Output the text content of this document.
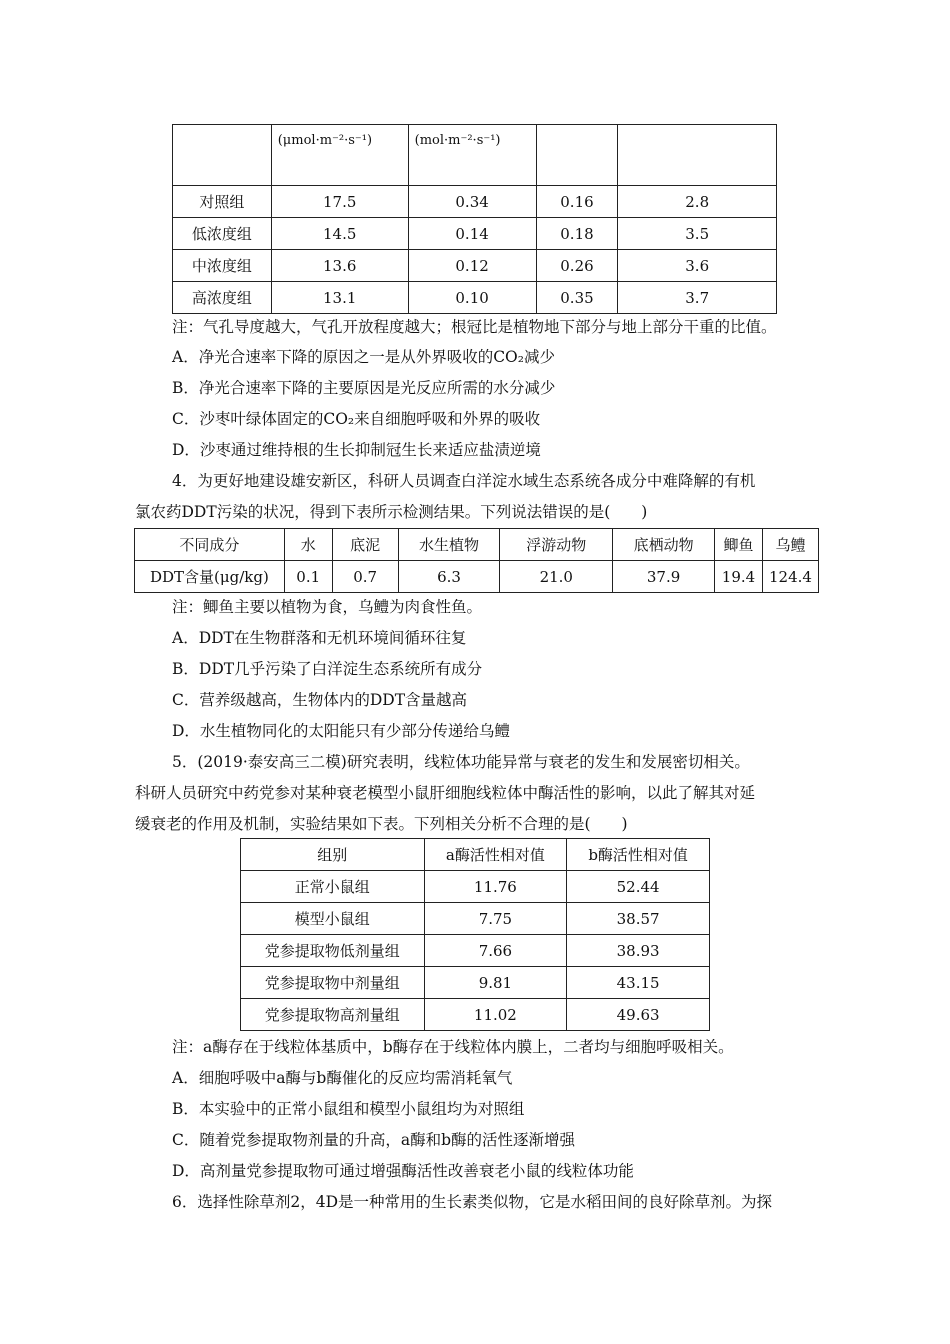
	(μmol·m⁻²·s⁻¹)	(mol·m⁻²·s⁻¹)		
对照组	17.5	0.34	0.16	2.8
低浓度组	14.5	0.14	0.18	3.5
中浓度组	13.6	0.12	0.26	3.6
高浓度组	13.1	0.10	0.35	3.7
注：气孔导度越大，气孔开放程度越大；根冠比是植物地下部分与地上部分干重的比值。
A．净光合速率下降的原因之一是从外界吸收的CO₂减少
B．净光合速率下降的主要原因是光反应所需的水分减少
C．沙枣叶绿体固定的CO₂来自细胞呼吸和外界的吸收
D．沙枣通过维持根的生长抑制冠生长来适应盐渍逆境
4．为更好地建设雄安新区，科研人员调查白洋淀水域生态系统各成分中难降解的有机
氯农药DDT污染的状况，得到下表所示检测结果。下列说法错误的是(　　)
不同成分	水	底泥	水生植物	浮游动物	底栖动物	鲫鱼	乌鳢
DDT含量(μg/kg)	0.1	0.7	6.3	21.0	37.9	19.4	124.4
注：鲫鱼主要以植物为食，乌鳢为肉食性鱼。
A．DDT在生物群落和无机环境间循环往复
B．DDT几乎污染了白洋淀生态系统所有成分
C．营养级越高，生物体内的DDT含量越高
D．水生植物同化的太阳能只有少部分传递给乌鳢
5．(2019·泰安高三二模)研究表明，线粒体功能异常与衰老的发生和发展密切相关。
科研人员研究中药党参对某种衰老模型小鼠肝细胞线粒体中酶活性的影响，以此了解其对延
缓衰老的作用及机制，实验结果如下表。下列相关分析不合理的是(　　)
组别	a酶活性相对值	b酶活性相对值
正常小鼠组	11.76	52.44
模型小鼠组	7.75	38.57
党参提取物低剂量组	7.66	38.93
党参提取物中剂量组	9.81	43.15
党参提取物高剂量组	11.02	49.63
注：a酶存在于线粒体基质中，b酶存在于线粒体内膜上，二者均与细胞呼吸相关。
A．细胞呼吸中a酶与b酶催化的反应均需消耗氧气
B．本实验中的正常小鼠组和模型小鼠组均为对照组
C．随着党参提取物剂量的升高，a酶和b酶的活性逐渐增强
D．高剂量党参提取物可通过增强酶活性改善衰老小鼠的线粒体功能
6．选择性除草剂2，4D是一种常用的生长素类似物，它是水稻田间的良好除草剂。为探
